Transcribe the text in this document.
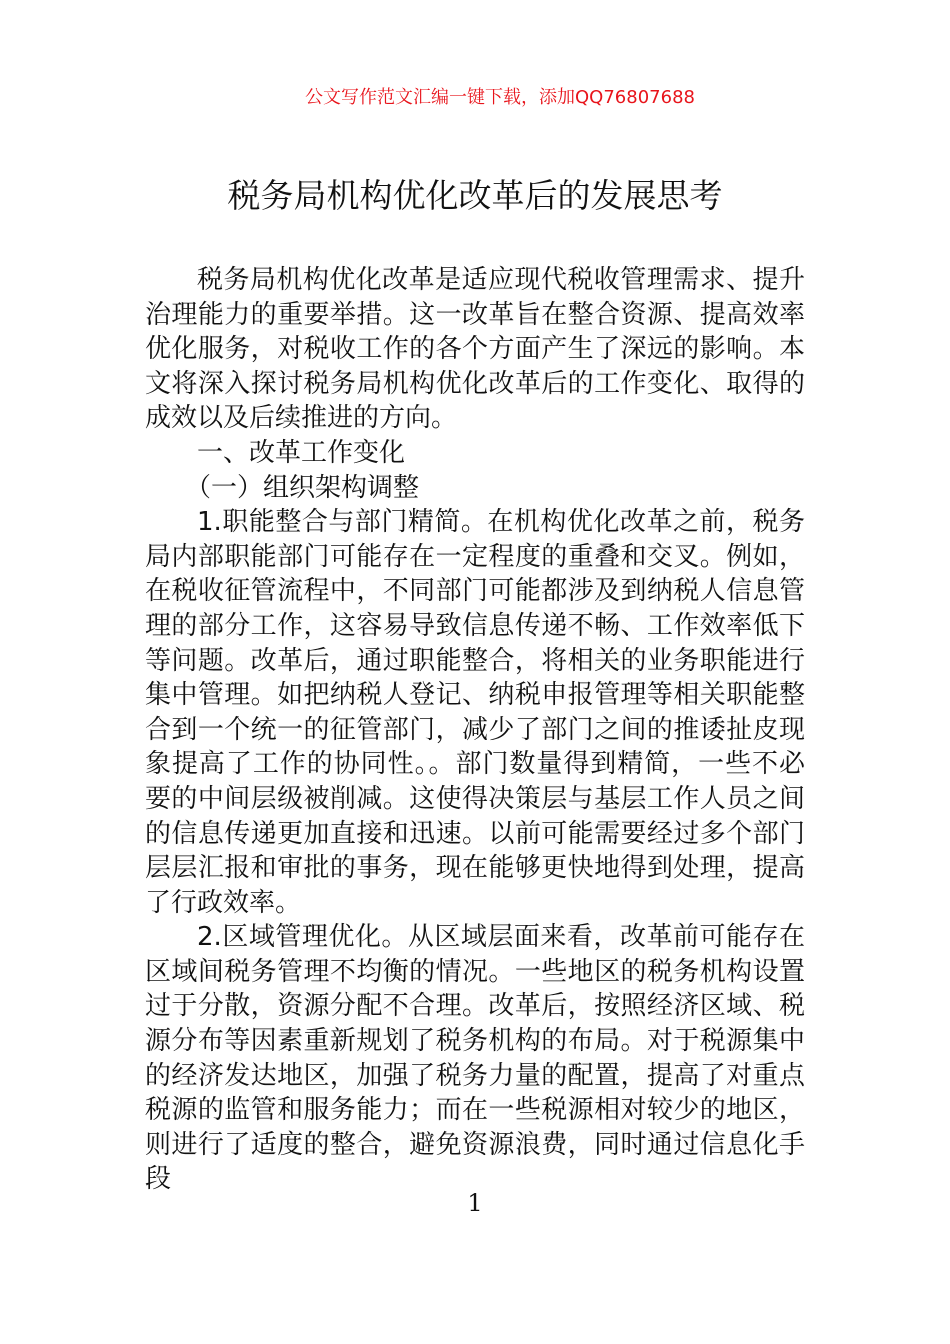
公文写作范文汇编一键下载，添加QQ76807688
税务局机构优化改革后的发展思考

税务局机构优化改革是适应现代税收管理需求、提升治理能力的重要举措。这一改革旨在整合资源、提高效率优化服务，对税收工作的各个方面产生了深远的影响。本文将深入探讨税务局机构优化改革后的工作变化、取得的成效以及后续推进的方向。

一、改革工作变化

（一）组织架构调整

1.职能整合与部门精简。在机构优化改革之前，税务局内部职能部门可能存在一定程度的重叠和交叉。例如，在税收征管流程中，不同部门可能都涉及到纳税人信息管理的部分工作，这容易导致信息传递不畅、工作效率低下等问题。改革后，通过职能整合，将相关的业务职能进行集中管理。如把纳税人登记、纳税申报管理等相关职能整合到一个统一的征管部门，减少了部门之间的推诿扯皮现象提高了工作的协同性。。部门数量得到精简，一些不必要的中间层级被削减。这使得决策层与基层工作人员之间的信息传递更加直接和迅速。以前可能需要经过多个部门层层汇报和审批的事务，现在能够更快地得到处理，提高了行政效率。

2.区域管理优化。从区域层面来看，改革前可能存在区域间税务管理不均衡的情况。一些地区的税务机构设置过于分散，资源分配不合理。改革后，按照经济区域、税源分布等因素重新规划了税务机构的布局。对于税源集中的经济发达地区，加强了税务力量的配置，提高了对重点税源的监管和服务能力；而在一些税源相对较少的地区，则进行了适度的整合，避免资源浪费，同时通过信息化手段

1
